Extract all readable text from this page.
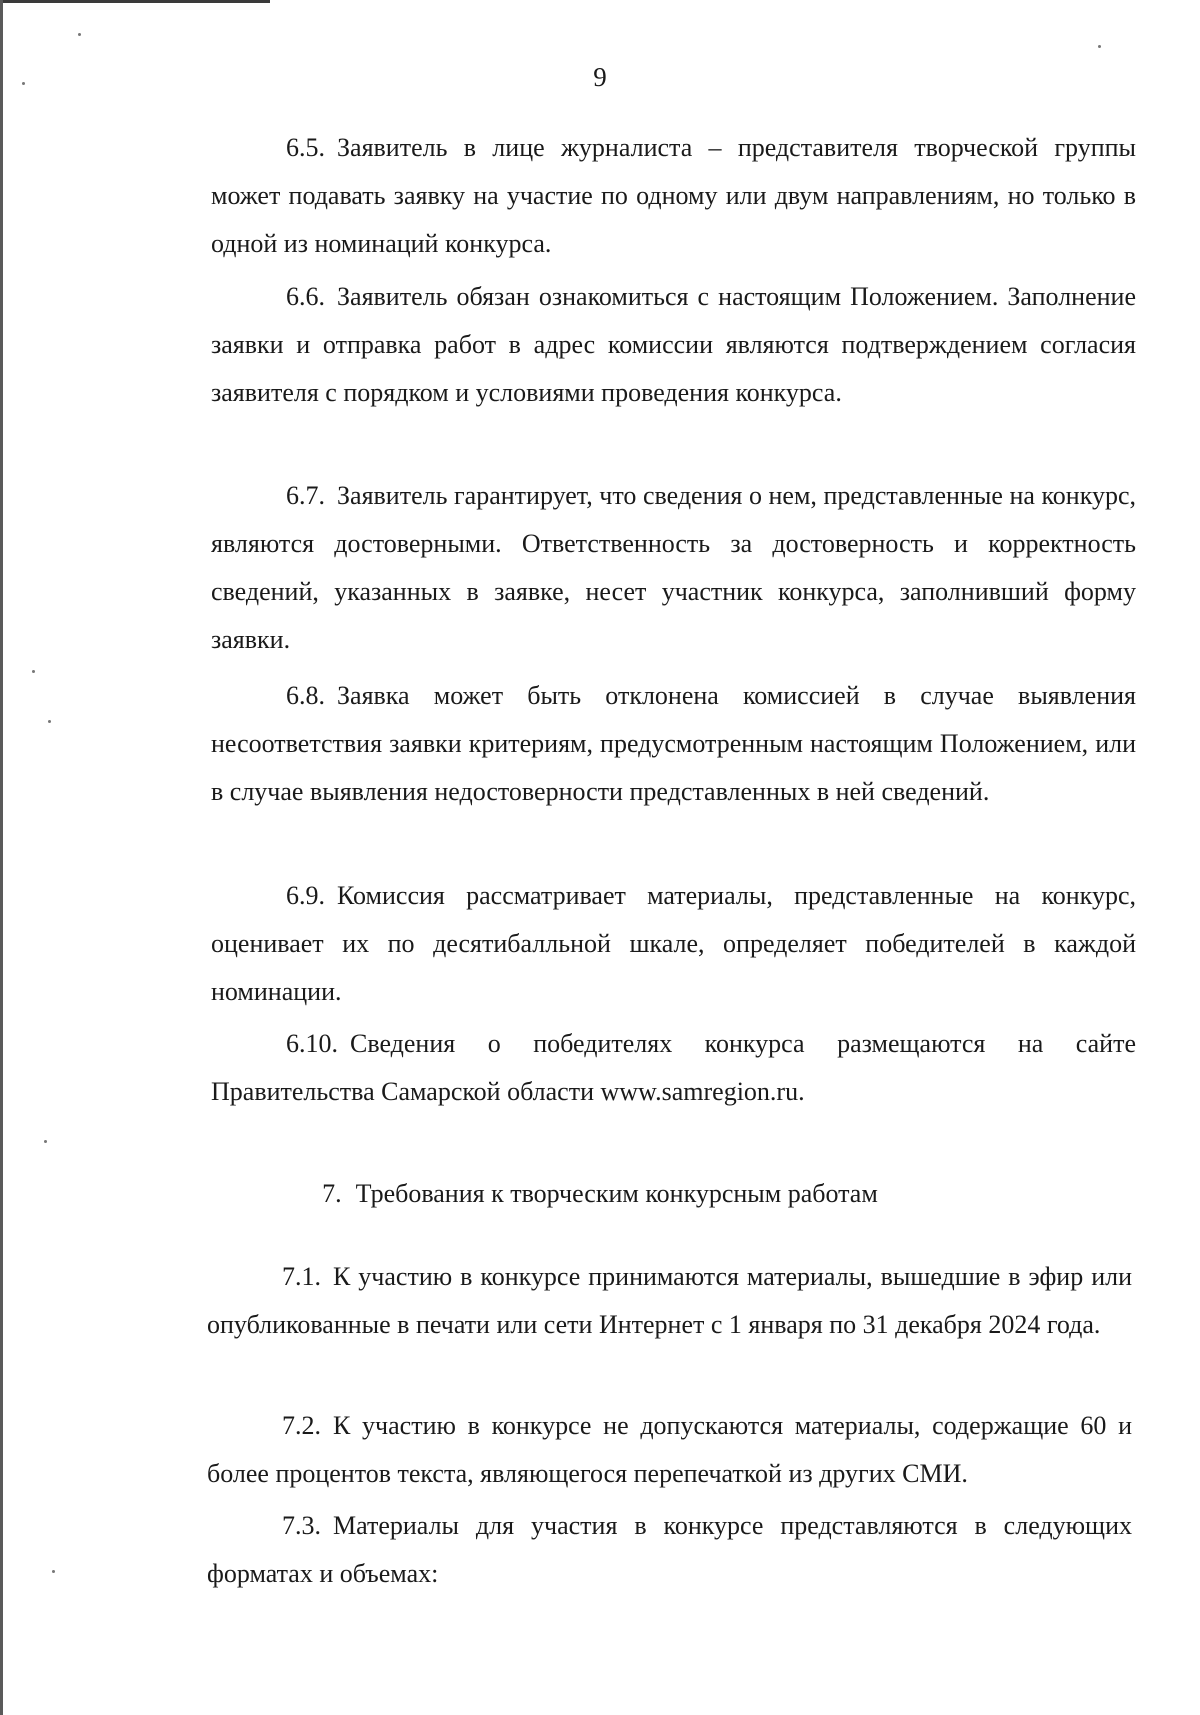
9

6.5. Заявитель в лице журналиста – представителя творческой группы может подавать заявку на участие по одному или двум направлениям, но только в одной из номинаций конкурса.

6.6. Заявитель обязан ознакомиться с настоящим Положением. Заполнение заявки и отправка работ в адрес комиссии являются подтверждением согласия заявителя с порядком и условиями проведения конкурса.

6.7. Заявитель гарантирует, что сведения о нем, представленные на конкурс, являются достоверными. Ответственность за достоверность и корректность сведений, указанных в заявке, несет участник конкурса, заполнивший форму заявки.

6.8. Заявка может быть отклонена комиссией в случае выявления несоответствия заявки критериям, предусмотренным настоящим Положением, или в случае выявления недостоверности представленных в ней сведений.

6.9. Комиссия рассматривает материалы, представленные на конкурс, оценивает их по десятибалльной шкале, определяет победителей в каждой номинации.

6.10. Сведения о победителях конкурса размещаются на сайте Правительства Самарской области www.samregion.ru.

7. Требования к творческим конкурсным работам

7.1. К участию в конкурсе принимаются материалы, вышедшие в эфир или опубликованные в печати или сети Интернет с 1 января по 31 декабря 2024 года.

7.2. К участию в конкурсе не допускаются материалы, содержащие 60 и более процентов текста, являющегося перепечаткой из других СМИ.

7.3. Материалы для участия в конкурсе представляются в следующих форматах и объемах:
